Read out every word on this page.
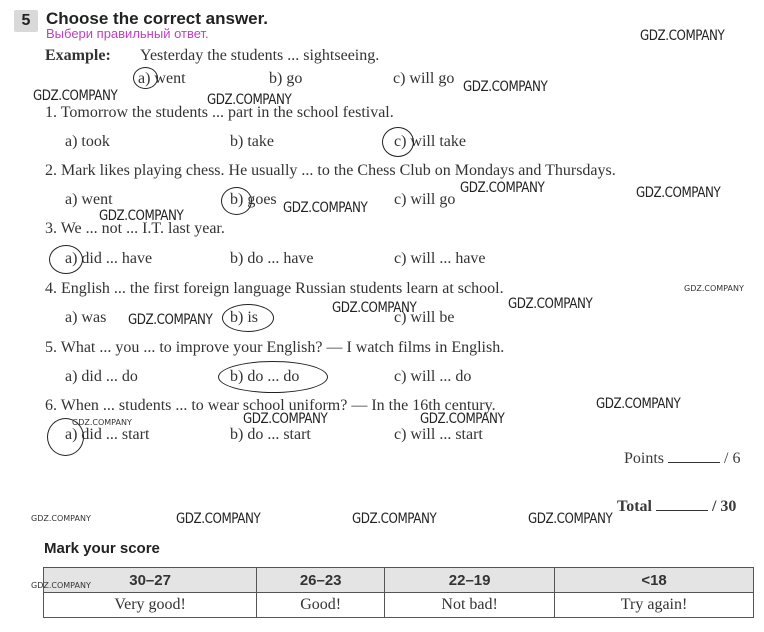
5 Choose the correct answer.
Выбери правильный ответ.
Example: Yesterday the students ... sightseeing.
a) went	b) go	c) will go
1. Tomorrow the students ... part in the school festival.
a) took	b) take	c) will take
2. Mark likes playing chess. He usually ... to the Chess Club on Mondays and Thursdays.
a) went	b) goes	c) will go
3. We ... not ... I.T. last year.
a) did ... have	b) do ... have	c) will ... have
4. English ... the first foreign language Russian students learn at school.
a) was	b) is	c) will be
5. What ... you ... to improve your English? — I watch films in English.
a) did ... do	b) do ... do	c) will ... do
6. When ... students ... to wear school uniform? — In the 16th century.
a) did ... start	b) do ... start	c) will ... start
Points	/ 6
Total	/ 30
Mark your score
30–27	26–23	22–19	<18
Very good!	Good!	Not bad!	Try again!
GDZ.COMPANY
GDZ.COMPANY
GDZ.COMPANY	GDZ.COMPANY
GDZ.COMPANY	GDZ.COMPANY
GDZ.COMPANY
GDZ.COMPANY
GDZ.COMPANY
GDZ.COMPANY
GDZ.COMPANY
GDZ.COMPANY
GDZ.COMPANY
GDZ.COMPANY	GDZ.COMPANY
GDZ.COMPANY
GDZ.COMPANY	GDZ.COMPANY	GDZ.COMPANY	GDZ.COMPANY
GDZ.COMPANY
